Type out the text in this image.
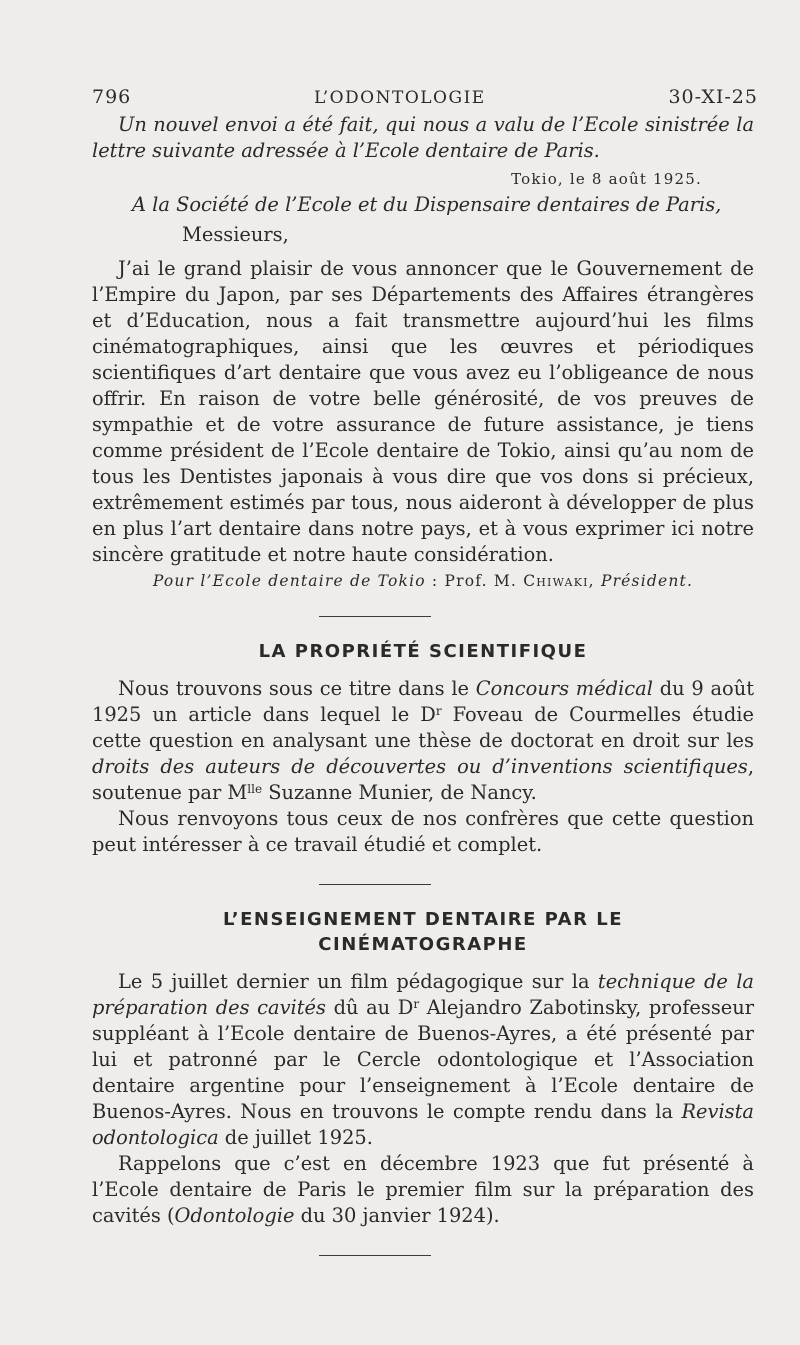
796	L’ODONTOLOGIE	30-XI-25

Un nouvel envoi a été fait, qui nous a valu de l’Ecole sinistrée la lettre suivante adressée à l’Ecole dentaire de Paris.

Tokio, le 8 août 1925.

A la Société de l’Ecole et du Dispensaire dentaires de Paris,

Messieurs,

J’ai le grand plaisir de vous annoncer que le Gouvernement de l’Empire du Japon, par ses Départements des Affaires étrangères et d’Education, nous a fait transmettre aujourd’hui les films cinématographiques, ainsi que les œuvres et périodiques scientifiques d’art dentaire que vous avez eu l’obligeance de nous offrir. En raison de votre belle générosité, de vos preuves de sympathie et de votre assurance de future assistance, je tiens comme président de l’Ecole dentaire de Tokio, ainsi qu’au nom de tous les Dentistes japonais à vous dire que vos dons si précieux, extrêmement estimés par tous, nous aideront à développer de plus en plus l’art dentaire dans notre pays, et à vous exprimer ici notre sincère gratitude et notre haute considération.

Pour l’Ecole dentaire de Tokio : Prof. M. Chiwaki, Président.
LA PROPRIÉTÉ SCIENTIFIQUE

Nous trouvons sous ce titre dans le Concours médical du 9 août 1925 un article dans lequel le $D^r$ Foveau de Courmelles étudie cette question en analysant une thèse de doctorat en droit sur les droits des auteurs de découvertes ou d’inventions scientifiques, soutenue par $M^{lle}$ Suzanne Munier, de Nancy.

Nous renvoyons tous ceux de nos confrères que cette question peut intéresser à ce travail étudié et complet.

L’ENSEIGNEMENT DENTAIRE PAR LE
CINÉMATOGRAPHE

Le 5 juillet dernier un film pédagogique sur la technique de la préparation des cavités dû au $D^r$ Alejandro Zabotinsky, professeur suppléant à l’Ecole dentaire de Buenos-Ayres, a été présenté par lui et patronné par le Cercle odontologique et l’Association dentaire argentine pour l’enseignement à l’Ecole dentaire de Buenos-Ayres. Nous en trouvons le compte rendu dans la Revista odontologica de juillet 1925.

Rappelons que c’est en décembre 1923 que fut présenté à l’Ecole dentaire de Paris le premier film sur la préparation des cavités (Odontologie du 30 janvier 1924).
